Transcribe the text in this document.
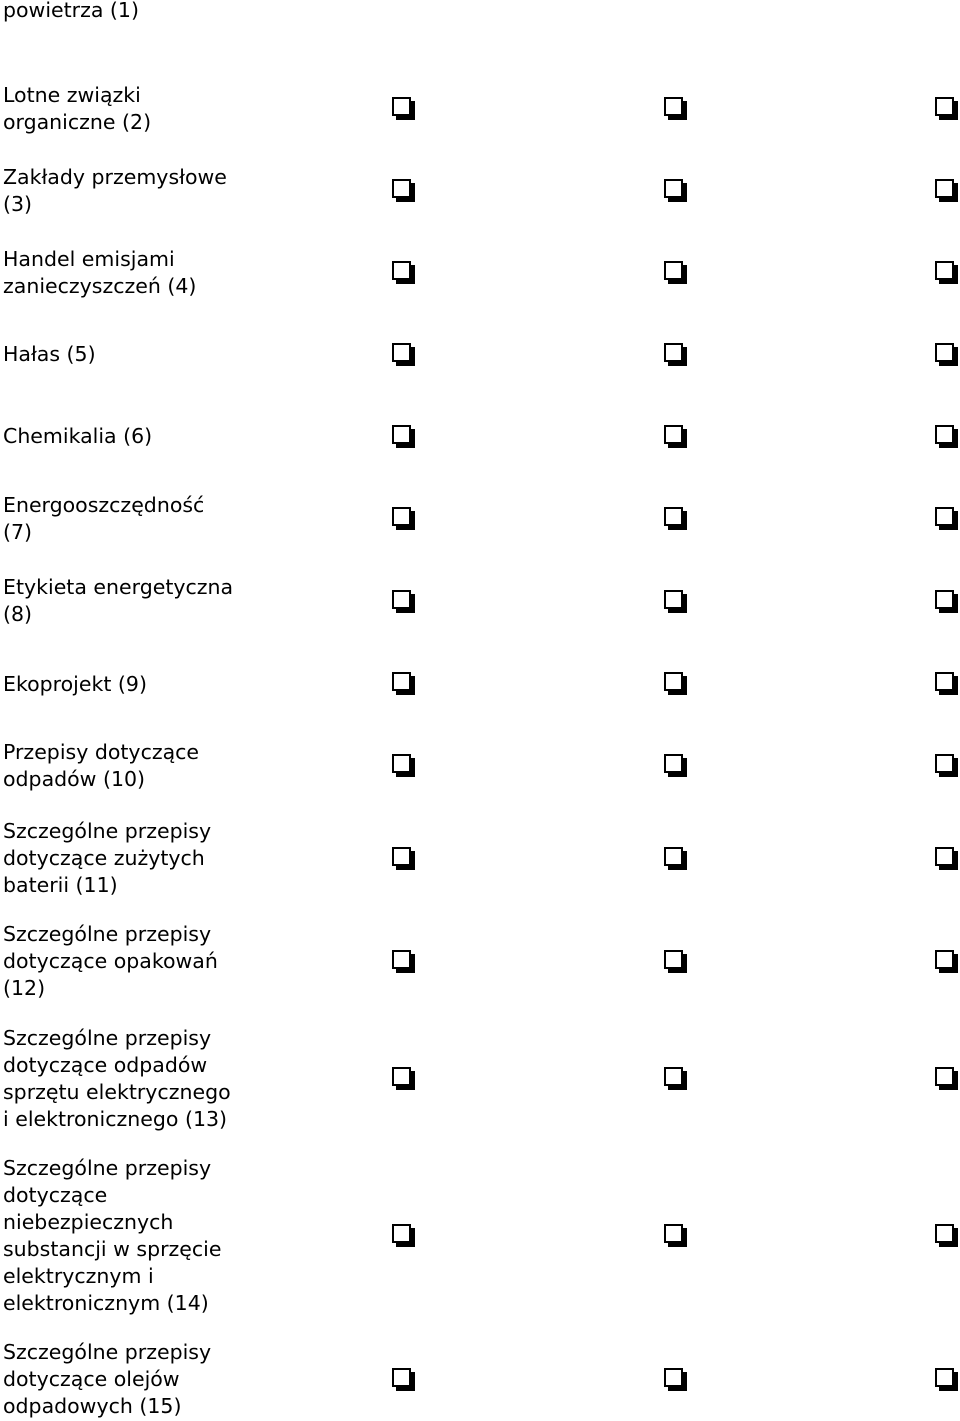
powietrza (1)

Lotne związki
organiczne (2)

Zakłady przemysłowe
(3)

Handel emisjami
zanieczyszczeń (4)

Hałas (5)

Chemikalia (6)

Energooszczędność
(7)

Etykieta energetyczna
(8)

Ekoprojekt (9)

Przepisy dotyczące
odpadów (10)

Szczególne przepisy
dotyczące zużytych
baterii (11)

Szczególne przepisy
dotyczące opakowań
(12)

Szczególne przepisy
dotyczące odpadów
sprzętu elektrycznego
i elektronicznego (13)

Szczególne przepisy
dotyczące
niebezpiecznych
substancji w sprzęcie
elektrycznym i
elektronicznym (14)

Szczególne przepisy
dotyczące olejów
odpadowych (15)
